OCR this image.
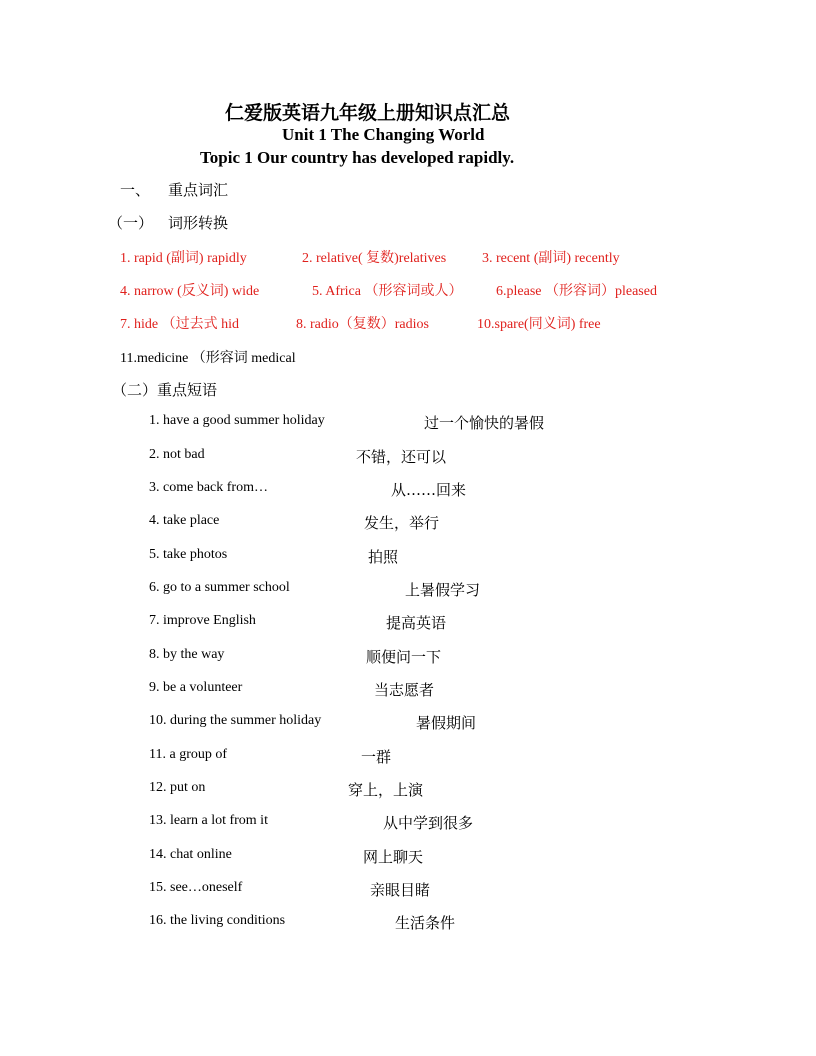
仁爱版英语九年级上册知识点汇总
Unit 1 The Changing World
Topic 1 Our country has developed rapidly.
一、 重点词汇
（一） 词形转换
1. rapid (副词) rapidly	2. relative( 复数)relatives	3. recent (副词) recently
4. narrow (反义词) wide	5. Africa （形容词或人） 6.please （形容词）pleased
7. hide （过去式 hid	8. radio（复数）radios	10.spare(同义词) free
11.medicine （形容词 medical
（二）重点短语
1. have a good summer holiday	过一个愉快的暑假
2. not bad	不错，还可以
3. come back from…	从……回来
4. take place	发生，举行
5. take photos	拍照
6. go to a summer school	上暑假学习
7. improve English	提高英语
8. by the way	顺便问一下
9. be a volunteer	当志愿者
10. during the summer holiday	暑假期间
11. a group of	一群
12. put on	穿上，上演
13. learn a lot from it	从中学到很多
14. chat online	网上聊天
15. see…oneself	亲眼目睹
16. the living conditions	生活条件
